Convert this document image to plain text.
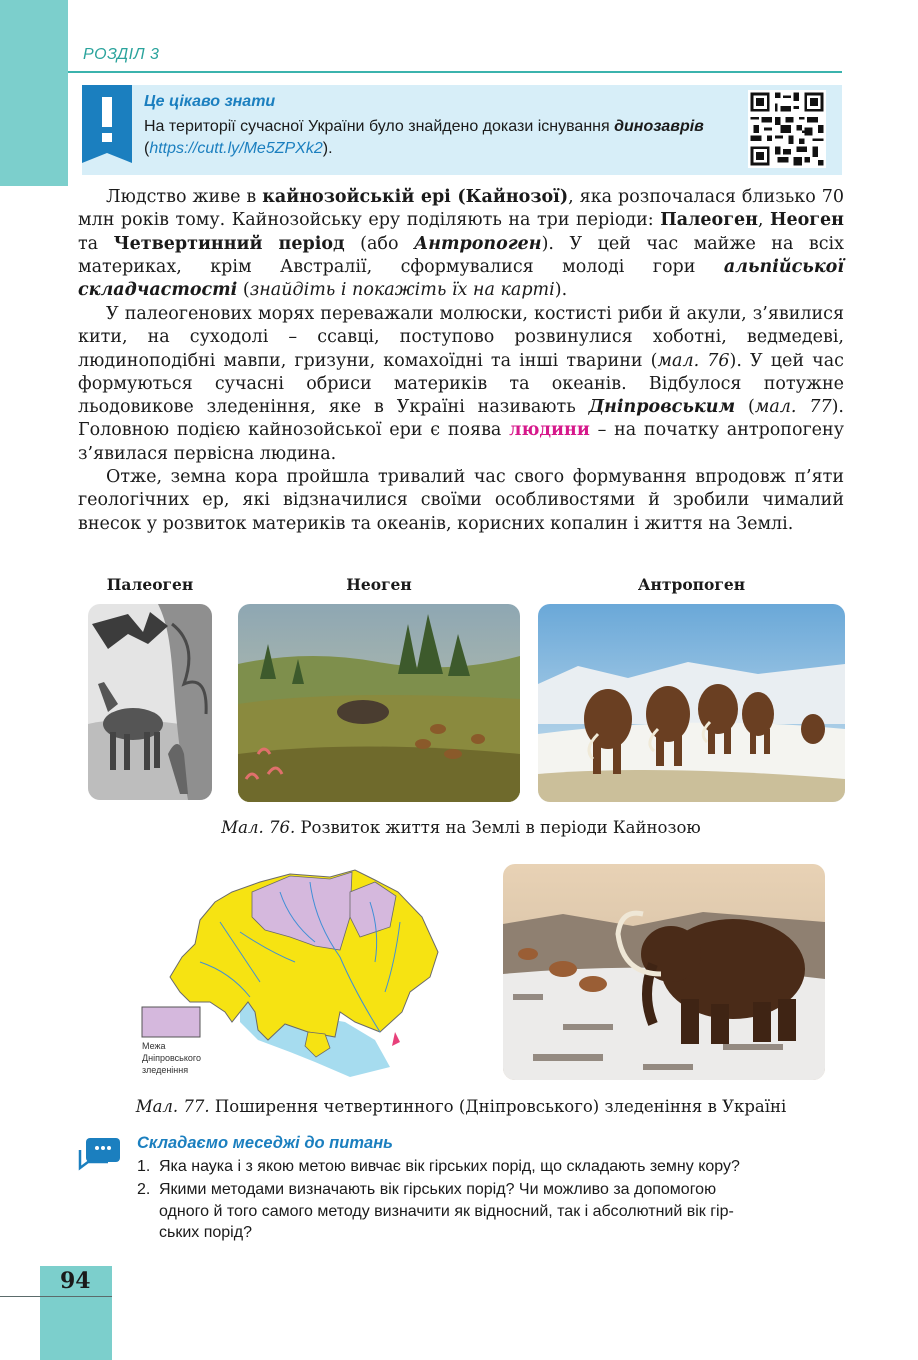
РОЗДІЛ 3
Це цікаво знати
На території сучасної України було знайдено докази існування динозаврів (https://cutt.ly/Me5ZPXk2).
Людство живе в кайнозойській ері (Кайнозої), яка розпочалася близько 70 млн років тому. Кайнозойську еру поділяють на три періоди: Палеоген, Неоген та Четвертинний період (або Антропоген). У цей час майже на всіх материках, крім Австралії, сформувалися молоді гори альпійської складчастості (знайдіть і покажіть їх на карті).
У палеогенових морях переважали молюски, костисті риби й акули, з’явилися кити, на суходолі – ссавці, поступово розвинулися хоботні, ведмедеві, людиноподібні мавпи, гризуни, комахоїдні та інші тварини (мал. 76). У цей час формуються сучасні обриси материків та океанів. Відбулося потужне льодовикове зледеніння, яке в Україні називають Дніпровським (мал. 77). Головною подією кайнозойської ери є поява людини – на початку антропогену з’явилася первісна людина.
Отже, земна кора пройшла тривалий час свого формування впродовж п’яти геологічних ер, які відзначилися своїми особливостями й зробили чималий внесок у розвиток материків та океанів, корисних копалин і життя на Землі.
Палеоген	Неоген	Антропоген
Мал. 76. Розвиток життя на Землі в періоди Кайнозою
Межа
Дніпровського
зледеніння
Мал. 77. Поширення четвертинного (Дніпровського) зледеніння в Україні
Складаємо меседжі до питань
1. Яка наука і з якою метою вивчає вік гірських порід, що складають земну кору?
2. Якими методами визначають вік гірських порід? Чи можливо за допомогою
одного й того самого методу визначити як відносний, так і абсолютний вік гір-
ських порід?
94
